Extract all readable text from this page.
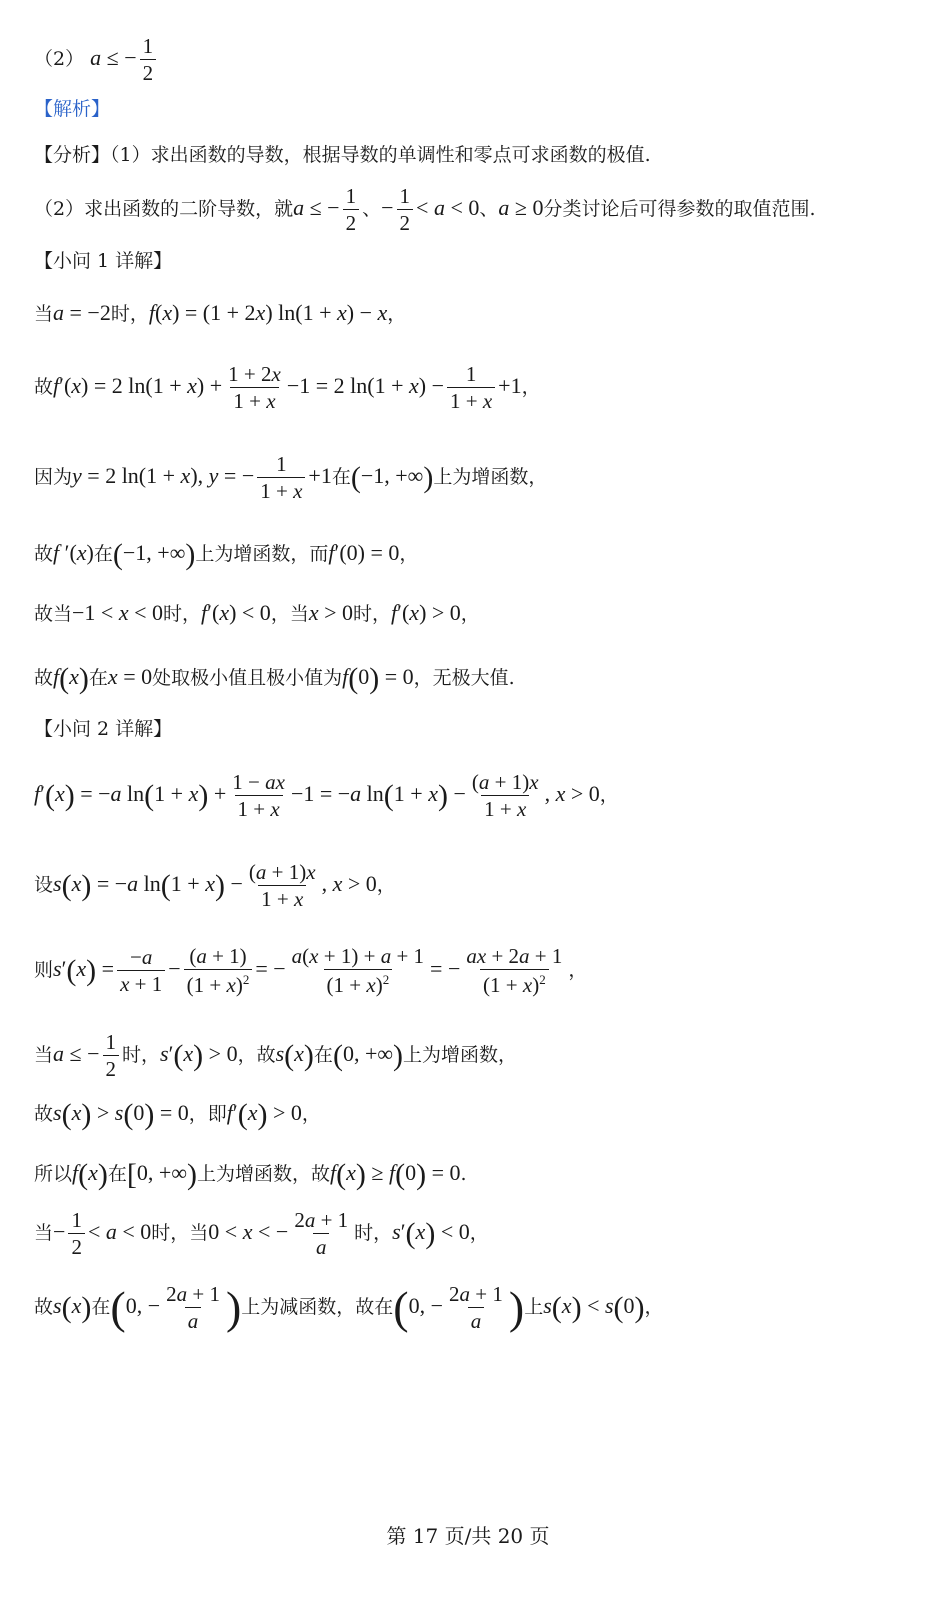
（2） a ≤ − $\frac{1}{2}$
【解析】
【分析】（1）求出函数的导数，根据导数的单调性和零点可求函数的极值.
（2）求出函数的二阶导数，就a ≤ − $\frac{1}{2}$ 、− $\frac{1}{2} < a < 0$、a ≥ 0分类讨论后可得参数的取值范围.
【小问 1 详解】
当a = −2时，f(x) = (1 + 2x) ln(1 + x) − x，
故f′(x) = 2 $\ln(1 + x) + \frac{1 + 2x}{1 + x} -1 = 2$ $\ln(1 + x) - \frac{1}{1 + x} +1$，
因为y = 2 ln(1 + x), y = − $\frac{1}{1 + x} +1$在(−1, +∞)上为增函数，
故f ′(x)在(−1, +∞)上为增函数，而f′(0) = 0，
故当−1 < x < 0时，f′(x) < 0，当x > 0时，f′(x) > 0，
故f(x)在x = 0处取极小值且极小值为f(0) = 0，无极大值.
【小问 2 详解】
f′(x) = −a $\ln(1 + x) + \frac{1 - ax}{1 + x} -1 = -a$ $\ln(1 + x) - \frac{(a + 1)x}{1 + x}$ , x > 0，
设s(x) = −a $\ln(1 + x) - \frac{(a + 1)x}{1 + x}$ , x > 0，
则$s'(x) = \frac{-a}{x + 1} - \frac{(a + 1)}{(1 + x)^2}$ = − $\frac{a(x + 1) + a + 1}{(1 + x)^2}$ = − $\frac{ax + 2a + 1}{(1 + x)^2}$ ，
当a ≤ − $\frac{1}{2}$ 时，s′(x) > 0，故s(x)在(0, +∞)上为增函数，
故s(x) > s(0) = 0，即f′(x) > 0，
所以f(x)在[0, +∞)上为增函数，故f(x) ≥ f(0) = 0.
当− $\frac{1}{2} < a < 0$时，当0 < x < − $\frac{2a + 1}{a}$ 时，s′(x) < 0，
故s(x)在(0, − $\frac{2a + 1}{a}$ )上为减函数，故在(0, − $\frac{2a + 1}{a}$ )上s(x) < s(0)，
第 17 页/共 20 页
